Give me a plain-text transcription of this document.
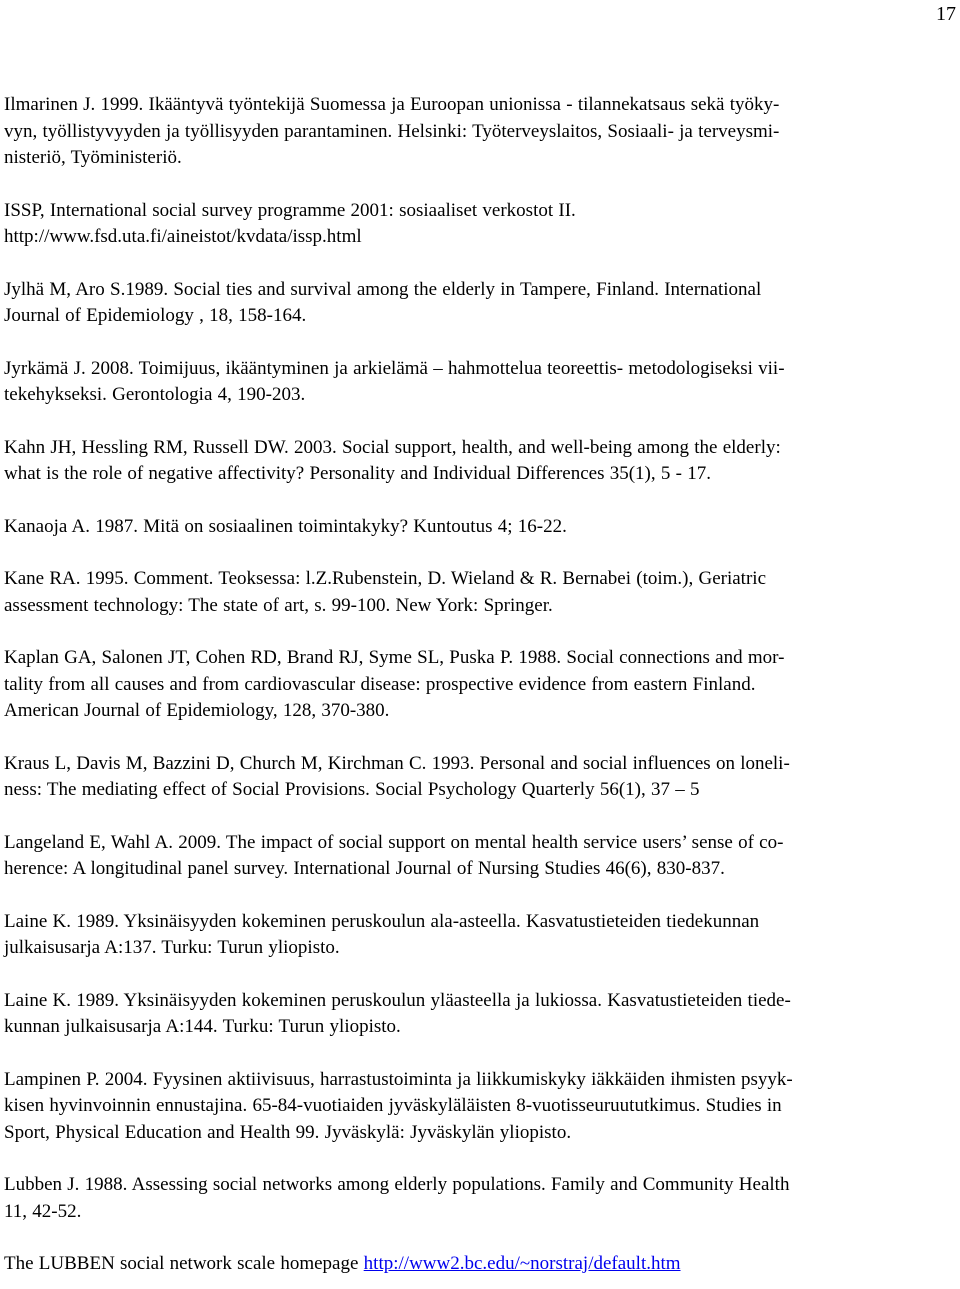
17

Ilmarinen J. 1999. Ikääntyvä työntekijä Suomessa ja Euroopan unionissa - tilannekatsaus sekä työky-
vyn, työllistyvyyden ja työllisyyden parantaminen. Helsinki: Työterveyslaitos, Sosiaali- ja terveysmi-
nisteriö, Työministeriö.

ISSP, International social survey programme 2001: sosiaaliset verkostot II.
http://www.fsd.uta.fi/aineistot/kvdata/issp.html

Jylhä M, Aro S.1989. Social ties and survival among the elderly in Tampere, Finland. International
Journal of Epidemiology , 18, 158-164.

Jyrkämä J. 2008. Toimijuus, ikääntyminen ja arkielämä – hahmottelua teoreettis- metodologiseksi vii-
tekehykseksi. Gerontologia 4, 190-203.

Kahn JH, Hessling RM, Russell DW. 2003. Social support, health, and well-being among the elderly:
what is the role of negative affectivity? Personality and Individual Differences 35(1), 5 - 17.

Kanaoja A. 1987. Mitä on sosiaalinen toimintakyky? Kuntoutus 4; 16-22.

Kane RA. 1995. Comment. Teoksessa: l.Z.Rubenstein, D. Wieland & R. Bernabei (toim.), Geriatric
assessment technology: The state of art, s. 99-100. New York: Springer.

Kaplan GA, Salonen JT, Cohen RD, Brand RJ, Syme SL, Puska P. 1988. Social connections and mor-
tality from all causes and from cardiovascular disease: prospective evidence from eastern Finland.
American Journal of Epidemiology, 128, 370-380.

Kraus L, Davis M, Bazzini D, Church M, Kirchman C. 1993. Personal and social influences on loneli-
ness: The mediating effect of Social Provisions. Social Psychology Quarterly 56(1), 37 – 5

Langeland E, Wahl A. 2009. The impact of social support on mental health service users’ sense of co-
herence: A longitudinal panel survey. International Journal of Nursing Studies 46(6), 830-837.

Laine K. 1989. Yksinäisyyden kokeminen peruskoulun ala-asteella. Kasvatustieteiden tiedekunnan
julkaisusarja A:137. Turku: Turun yliopisto.

Laine K. 1989. Yksinäisyyden kokeminen peruskoulun yläasteella ja lukiossa. Kasvatustieteiden tiede-
kunnan julkaisusarja A:144. Turku: Turun yliopisto.

Lampinen P. 2004. Fyysinen aktiivisuus, harrastustoiminta ja liikkumiskyky iäkkäiden ihmisten psyyk-
kisen hyvinvoinnin ennustajina. 65-84-vuotiaiden jyväskyläläisten 8-vuotisseuruututkimus. Studies in
Sport, Physical Education and Health 99. Jyväskylä: Jyväskylän yliopisto.

Lubben J. 1988. Assessing social networks among elderly populations. Family and Community Health
11, 42-52.

The LUBBEN social network scale homepage http://www2.bc.edu/~norstraj/default.htm
